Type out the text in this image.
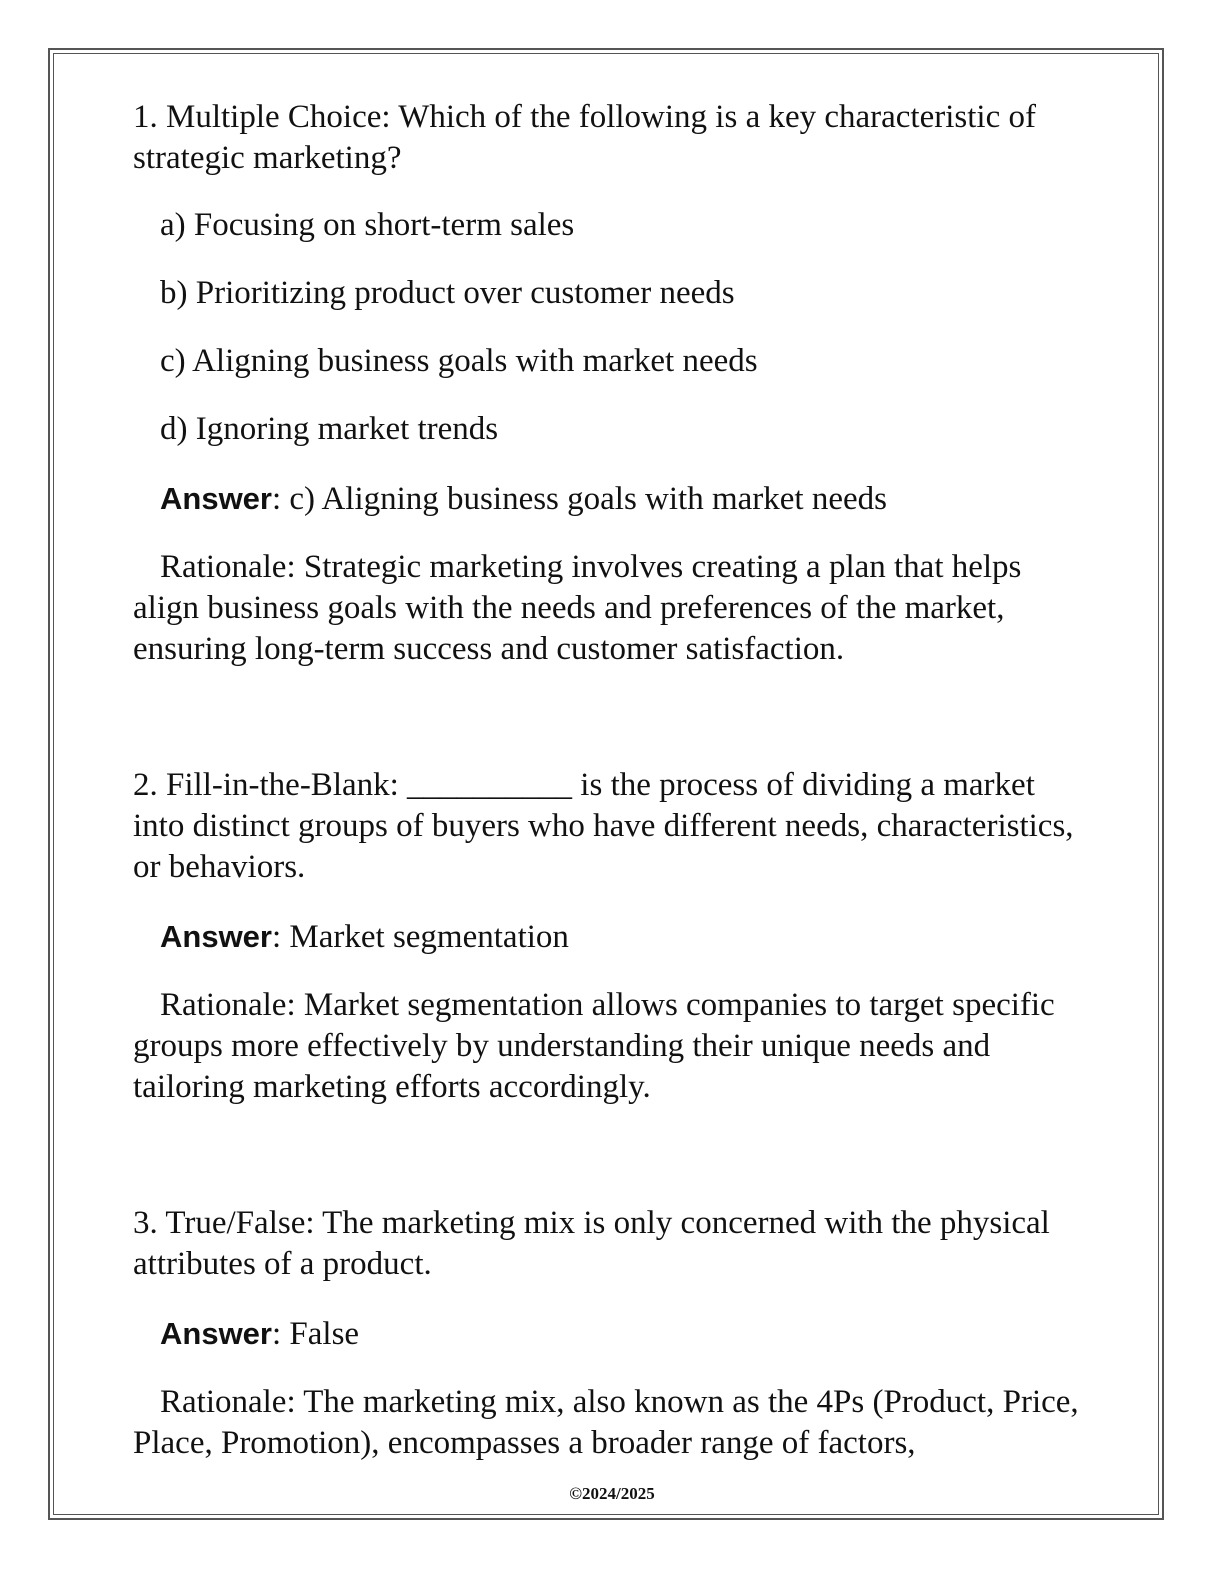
1. Multiple Choice: Which of the following is a key characteristic of strategic marketing?

a) Focusing on short-term sales

b) Prioritizing product over customer needs

c) Aligning business goals with market needs

d) Ignoring market trends

Answer: c) Aligning business goals with market needs

Rationale: Strategic marketing involves creating a plan that helps align business goals with the needs and preferences of the market, ensuring long-term success and customer satisfaction.

2. Fill-in-the-Blank: __________ is the process of dividing a market into distinct groups of buyers who have different needs, characteristics, or behaviors.

Answer: Market segmentation

Rationale: Market segmentation allows companies to target specific groups more effectively by understanding their unique needs and tailoring marketing efforts accordingly.

3. True/False: The marketing mix is only concerned with the physical attributes of a product.

Answer: False

Rationale: The marketing mix, also known as the 4Ps (Product, Price, Place, Promotion), encompasses a broader range of factors,

©2024/2025
